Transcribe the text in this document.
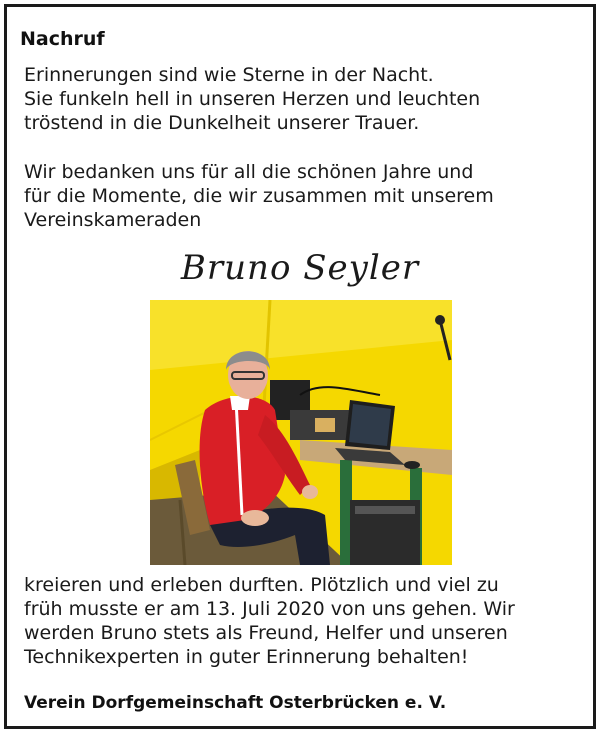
Nachruf

Erinnerungen sind wie Sterne in der Nacht.
Sie funkeln hell in unseren Herzen und leuchten
tröstend in die Dunkelheit unserer Trauer.

Wir bedanken uns für all die schönen Jahre und
für die Momente, die wir zusammen mit unserem
Vereinskameraden

Bruno Seyler

kreieren und erleben durften. Plötzlich und viel zu
früh musste er am 13. Juli 2020 von uns gehen. Wir
werden Bruno stets als Freund, Helfer und unseren
Technikexperten in guter Erinnerung behalten!

Verein Dorfgemeinschaft Osterbrücken e. V.
